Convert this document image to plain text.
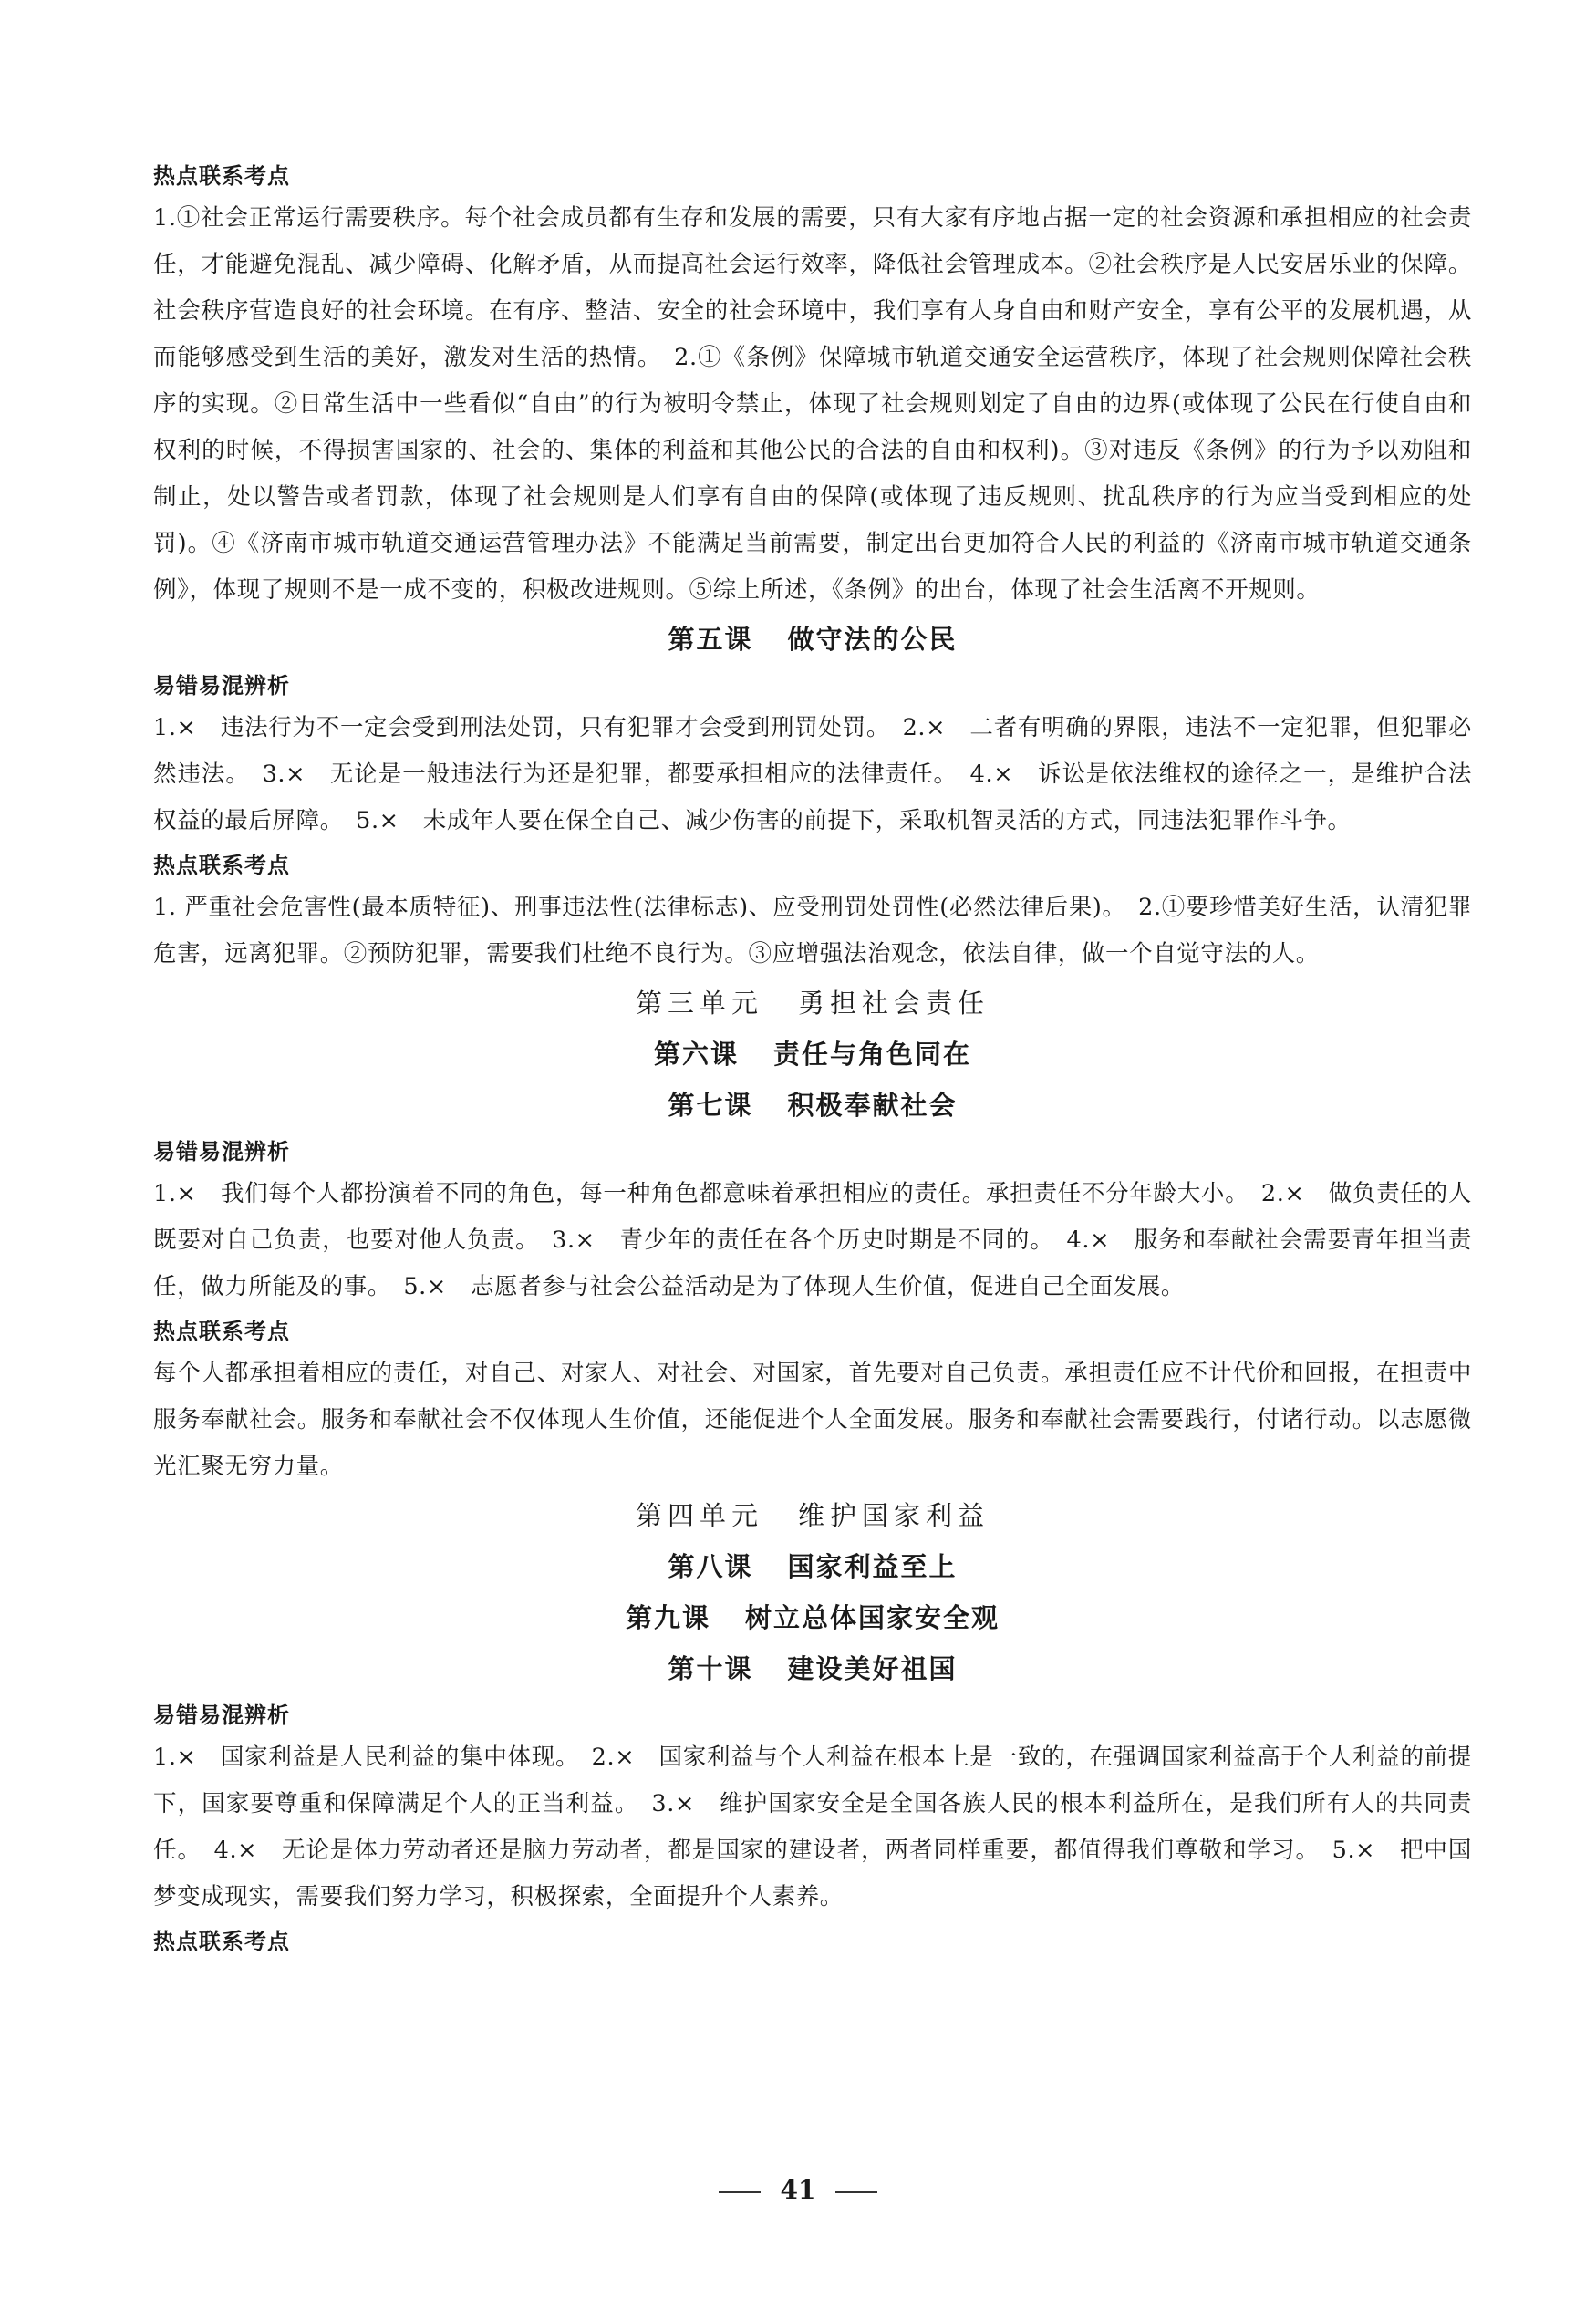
热点联系考点

1.①社会正常运行需要秩序。每个社会成员都有生存和发展的需要，只有大家有序地占据一定的社会资源和承担相应的社会责任，才能避免混乱、减少障碍、化解矛盾，从而提高社会运行效率，降低社会管理成本。②社会秩序是人民安居乐业的保障。社会秩序营造良好的社会环境。在有序、整洁、安全的社会环境中，我们享有人身自由和财产安全，享有公平的发展机遇，从而能够感受到生活的美好，激发对生活的热情。　2.①《条例》保障城市轨道交通安全运营秩序，体现了社会规则保障社会秩序的实现。②日常生活中一些看似“自由”的行为被明令禁止，体现了社会规则划定了自由的边界(或体现了公民在行使自由和权利的时候，不得损害国家的、社会的、集体的利益和其他公民的合法的自由和权利)。③对违反《条例》的行为予以劝阻和制止，处以警告或者罚款，体现了社会规则是人们享有自由的保障(或体现了违反规则、扰乱秩序的行为应当受到相应的处罚)。④《济南市城市轨道交通运营管理办法》不能满足当前需要，制定出台更加符合人民的利益的《济南市城市轨道交通条例》，体现了规则不是一成不变的，积极改进规则。⑤综上所述，《条例》的出台，体现了社会生活离不开规则。

第五课 做守法的公民

易错易混辨析

1.×　违法行为不一定会受到刑法处罚，只有犯罪才会受到刑罚处罚。　2.×　二者有明确的界限，违法不一定犯罪，但犯罪必然违法。　3.×　无论是一般违法行为还是犯罪，都要承担相应的法律责任。　4.×　诉讼是依法维权的途径之一，是维护合法权益的最后屏障。　5.×　未成年人要在保全自己、减少伤害的前提下，采取机智灵活的方式，同违法犯罪作斗争。

热点联系考点

1. 严重社会危害性(最本质特征)、刑事违法性(法律标志)、应受刑罚处罚性(必然法律后果)。　2.①要珍惜美好生活，认清犯罪危害，远离犯罪。②预防犯罪，需要我们杜绝不良行为。③应增强法治观念，依法自律，做一个自觉守法的人。

第三单元 勇担社会责任

第六课 责任与角色同在

第七课 积极奉献社会

易错易混辨析

1.×　我们每个人都扮演着不同的角色，每一种角色都意味着承担相应的责任。承担责任不分年龄大小。　2.×　做负责任的人既要对自己负责，也要对他人负责。　3.×　青少年的责任在各个历史时期是不同的。　4.×　服务和奉献社会需要青年担当责任，做力所能及的事。　5.×　志愿者参与社会公益活动是为了体现人生价值，促进自己全面发展。

热点联系考点

每个人都承担着相应的责任，对自己、对家人、对社会、对国家，首先要对自己负责。承担责任应不计代价和回报，在担责中服务奉献社会。服务和奉献社会不仅体现人生价值，还能促进个人全面发展。服务和奉献社会需要践行，付诸行动。以志愿微光汇聚无穷力量。

第四单元 维护国家利益

第八课 国家利益至上

第九课 树立总体国家安全观

第十课 建设美好祖国

易错易混辨析

1.×　国家利益是人民利益的集中体现。　2.×　国家利益与个人利益在根本上是一致的，在强调国家利益高于个人利益的前提下，国家要尊重和保障满足个人的正当利益。　3.×　维护国家安全是全国各族人民的根本利益所在，是我们所有人的共同责任。　4.×　无论是体力劳动者还是脑力劳动者，都是国家的建设者，两者同样重要，都值得我们尊敬和学习。　5.×　把中国梦变成现实，需要我们努力学习，积极探索，全面提升个人素养。

热点联系考点

41
